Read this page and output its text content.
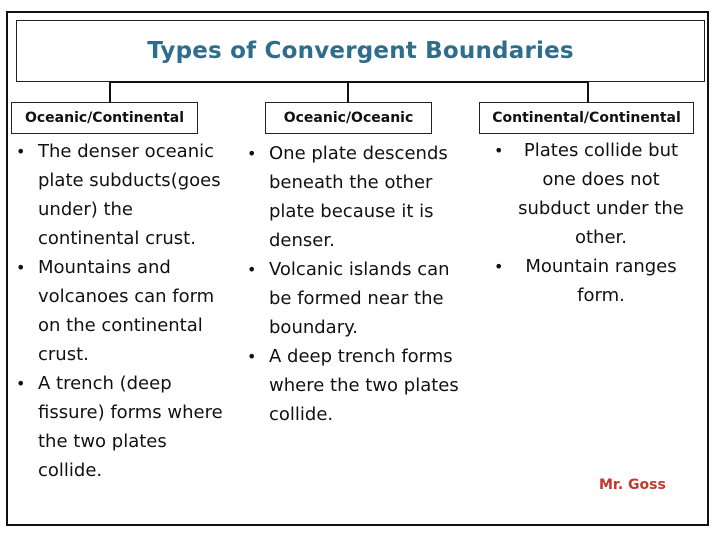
Types of Convergent Boundaries
Oceanic/Continental	Oceanic/Oceanic	Continental/Continental
• The denser oceanic plate subducts(goes under) the continental crust.
• Mountains and volcanoes can form on the continental crust.
• A trench (deep fissure) forms where the two plates collide.
• One plate descends beneath the other plate because it is denser.
• Volcanic islands can be formed near the boundary.
• A deep trench forms where the two plates collide.
• Plates collide but one does not subduct under the other.
• Mountain ranges form.
Mr. Goss
